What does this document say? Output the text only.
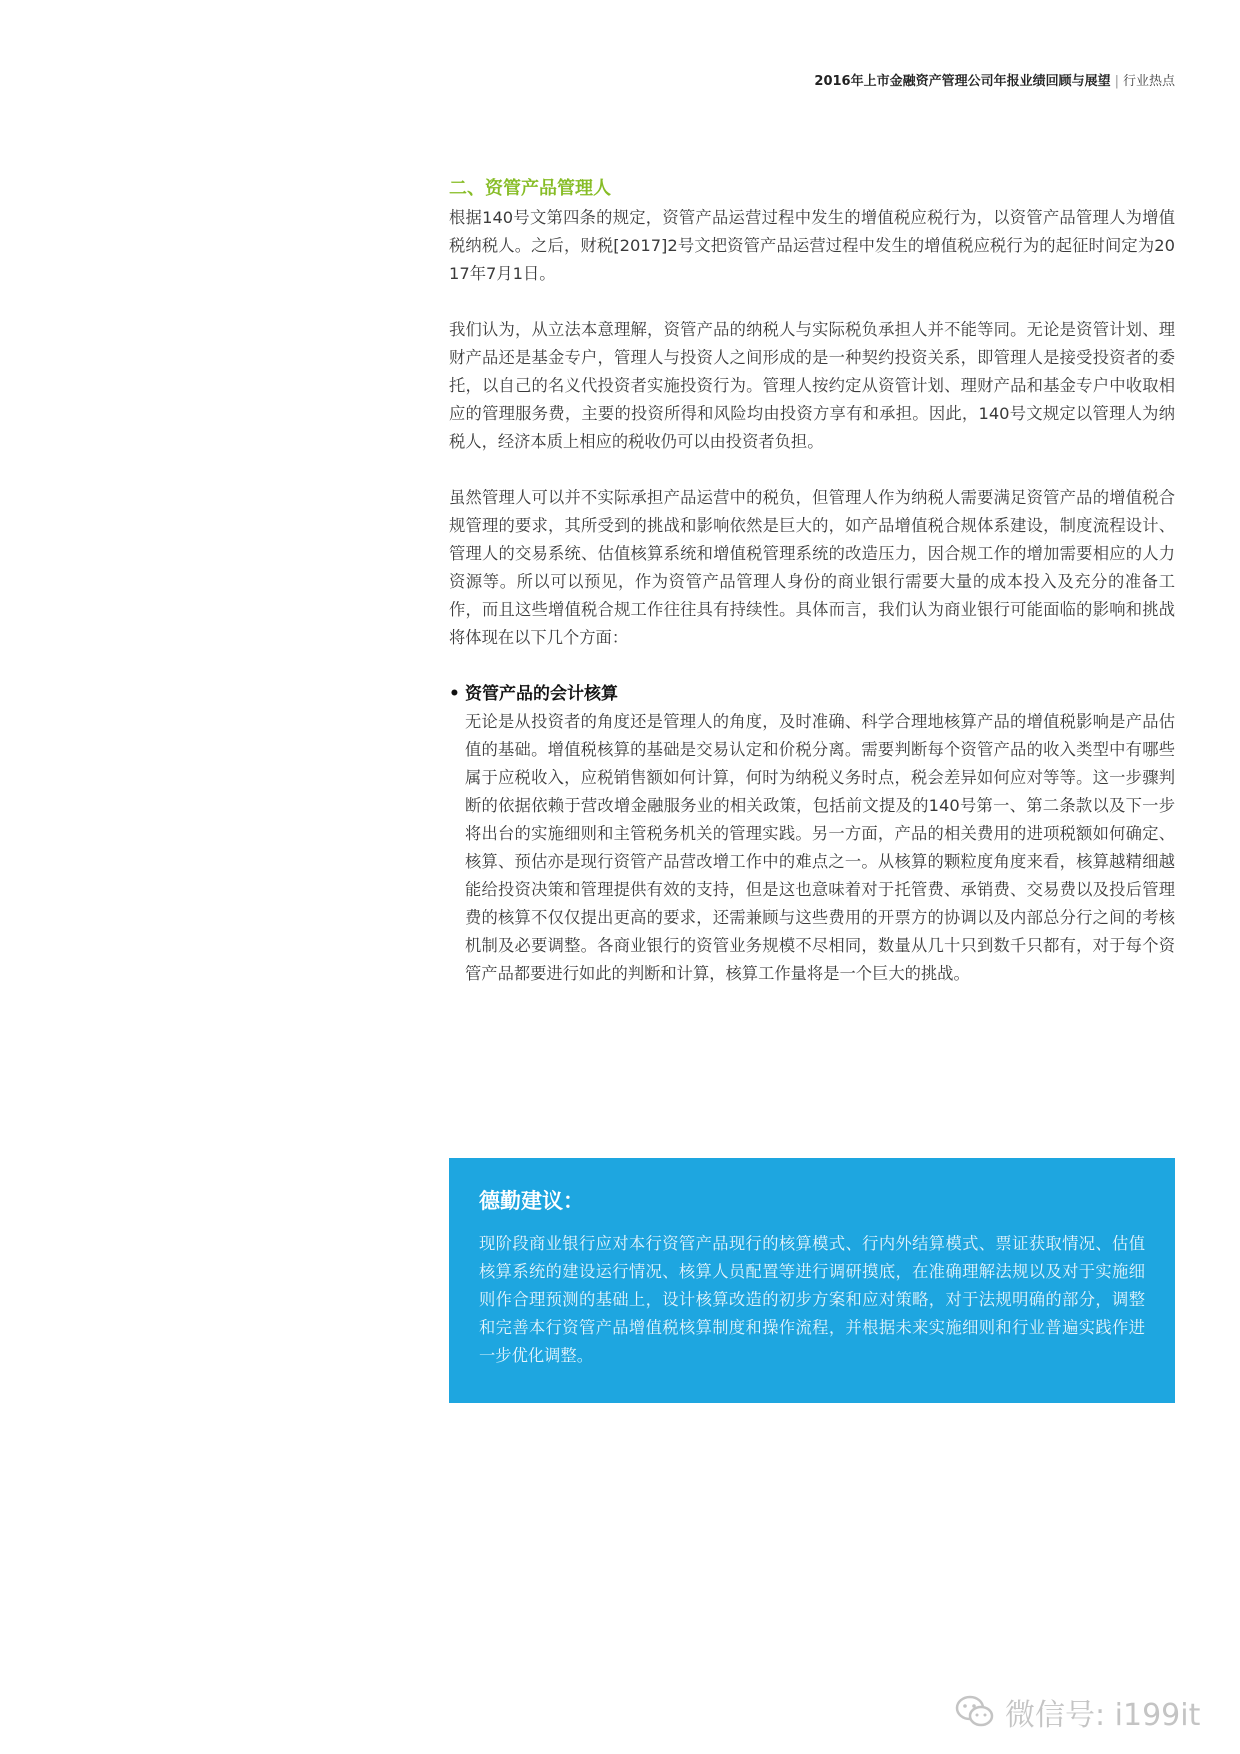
2016年上市金融资产管理公司年报业绩回顾与展望 | 行业热点
二、资管产品管理人

根据140号文第四条的规定，资管产品运营过程中发生的增值税应税行为，以资管产品管理人为增值税纳税人。之后，财税[2017]2号文把资管产品运营过程中发生的增值税应税行为的起征时间定为2017年7月1日。

我们认为，从立法本意理解，资管产品的纳税人与实际税负承担人并不能等同。无论是资管计划、理财产品还是基金专户，管理人与投资人之间形成的是一种契约投资关系，即管理人是接受投资者的委托，以自己的名义代投资者实施投资行为。管理人按约定从资管计划、理财产品和基金专户中收取相应的管理服务费，主要的投资所得和风险均由投资方享有和承担。因此，140号文规定以管理人为纳税人，经济本质上相应的税收仍可以由投资者负担。

虽然管理人可以并不实际承担产品运营中的税负，但管理人作为纳税人需要满足资管产品的增值税合规管理的要求，其所受到的挑战和影响依然是巨大的，如产品增值税合规体系建设，制度流程设计、管理人的交易系统、估值核算系统和增值税管理系统的改造压力，因合规工作的增加需要相应的人力资源等。所以可以预见，作为资管产品管理人身份的商业银行需要大量的成本投入及充分的准备工作，而且这些增值税合规工作往往具有持续性。具体而言，我们认为商业银行可能面临的影响和挑战将体现在以下几个方面：

• 资管产品的会计核算
无论是从投资者的角度还是管理人的角度，及时准确、科学合理地核算产品的增值税影响是产品估值的基础。增值税核算的基础是交易认定和价税分离。需要判断每个资管产品的收入类型中有哪些属于应税收入，应税销售额如何计算，何时为纳税义务时点，税会差异如何应对等等。这一步骤判断的依据依赖于营改增金融服务业的相关政策，包括前文提及的140号第一、第二条款以及下一步将出台的实施细则和主管税务机关的管理实践。另一方面，产品的相关费用的进项税额如何确定、核算、预估亦是现行资管产品营改增工作中的难点之一。从核算的颗粒度角度来看，核算越精细越能给投资决策和管理提供有效的支持，但是这也意味着对于托管费、承销费、交易费以及投后管理费的核算不仅仅提出更高的要求，还需兼顾与这些费用的开票方的协调以及内部总分行之间的考核机制及必要调整。各商业银行的资管业务规模不尽相同，数量从几十只到数千只都有，对于每个资管产品都要进行如此的判断和计算，核算工作量将是一个巨大的挑战。
德勤建议：
现阶段商业银行应对本行资管产品现行的核算模式、行内外结算模式、票证获取情况、估值核算系统的建设运行情况、核算人员配置等进行调研摸底，在准确理解法规以及对于实施细则作合理预测的基础上，设计核算改造的初步方案和应对策略，对于法规明确的部分，调整和完善本行资管产品增值税核算制度和操作流程，并根据未来实施细则和行业普遍实践作进一步优化调整。
微信号: i199it
